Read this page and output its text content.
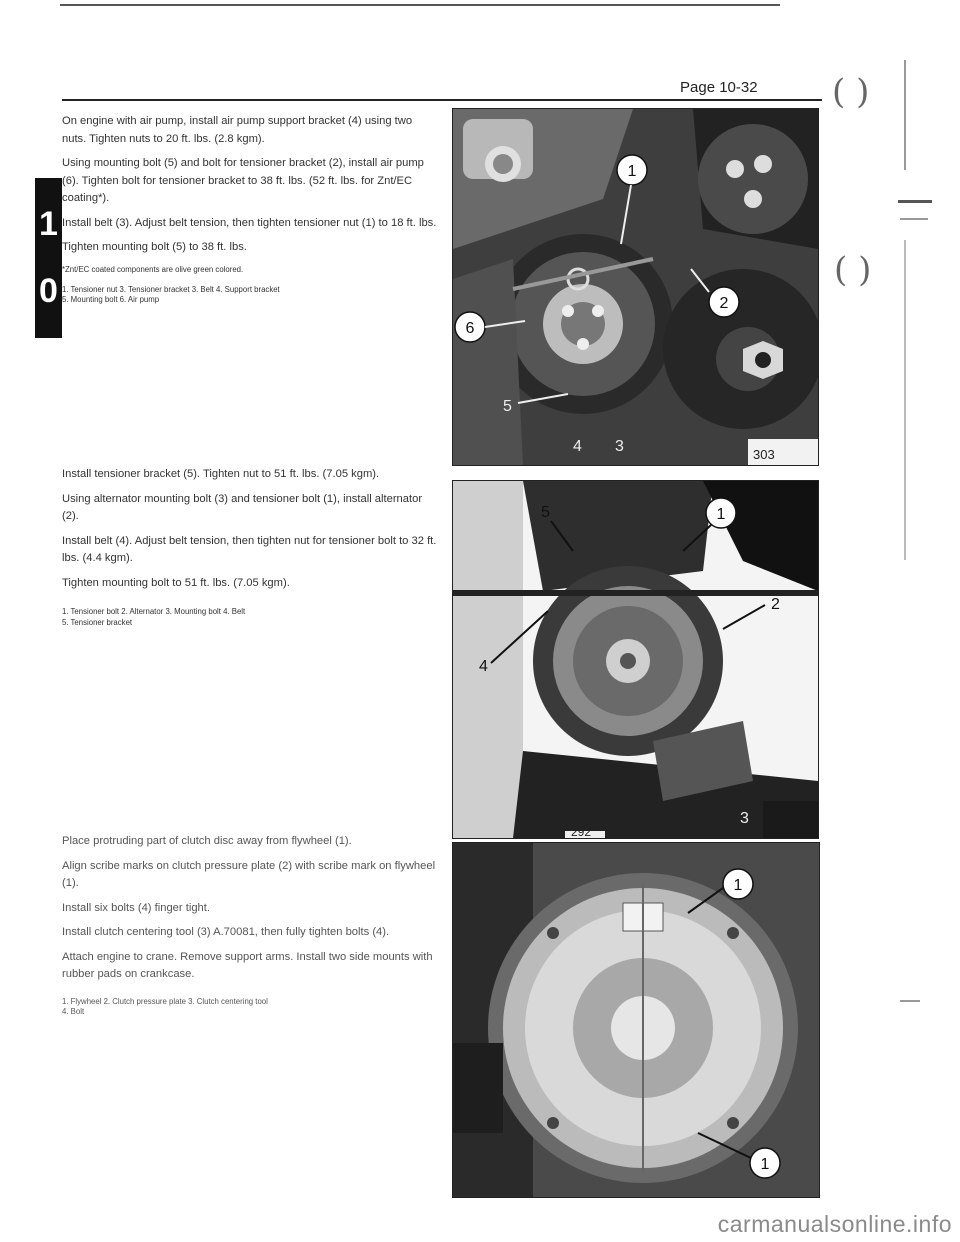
Page 10-32
1
0

On engine with air pump, install air pump support bracket (4) using two nuts. Tighten nuts to 20 ft. lbs. (2.8 kgm).

Using mounting bolt (5) and bolt for tensioner bracket (2), install air pump (6). Tighten bolt for tensioner bracket to 38 ft. lbs. (52 ft. lbs. for Znt/EC coating*).

Install belt (3). Adjust belt tension, then tighten tensioner nut (1) to 18 ft. lbs.

Tighten mounting bolt (5) to 38 ft. lbs.

*Znt/EC coated components are olive green colored.

1. Tensioner nut 3. Tensioner bracket 3. Belt 4. Support bracket

5. Mounting bolt 6. Air pump

Install tensioner bracket (5). Tighten nut to 51 ft. lbs. (7.05 kgm).

Using alternator mounting bolt (3) and tensioner bolt (1), install alternator (2).

Install belt (4). Adjust belt tension, then tighten nut for tensioner bolt to 32 ft. lbs. (4.4 kgm).

Tighten mounting bolt to 51 ft. lbs. (7.05 kgm).

1. Tensioner bolt 2. Alternator 3. Mounting bolt 4. Belt

5. Tensioner bracket

Place protruding part of clutch disc away from flywheel (1).

Align scribe marks on clutch pressure plate (2) with scribe mark on flywheel (1).

Install six bolts (4) finger tight.

Install clutch centering tool (3) A.70081, then fully tighten bolts (4).

Attach engine to crane. Remove support arms. Install two side mounts with rubber pads on crankcase.

1. Flywheel 2. Clutch pressure plate 3. Clutch centering tool

4. Bolt

1
2
6
5
4 3	303

1
5
2
4
3
292
1
1
( )
( )
carmanualsonline.info
